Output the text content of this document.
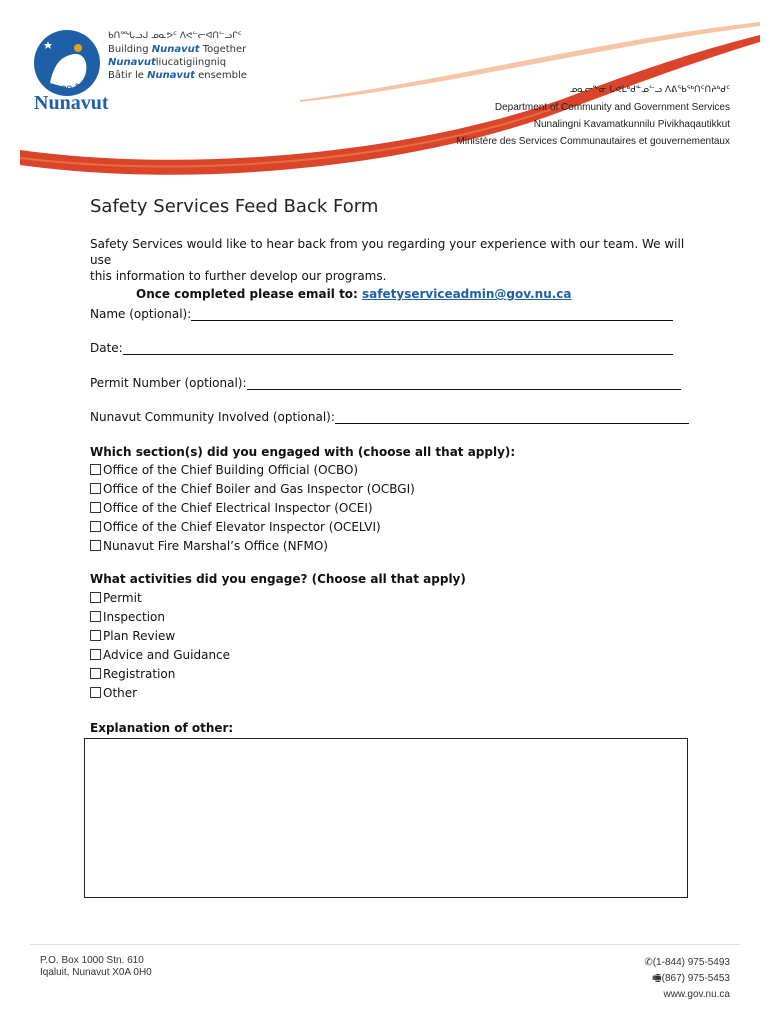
Nunavut
ᓄᓇᕗᑦ
ᑲᑎᙵᓗᒍ ᓄᓇᕗᑦ ᐱᕙᓪᓕᐊᑎᓪᓗᒋᑦ
Building Nunavut Together
Nunavutliucatigiingniq
Bâtir le Nunavut ensemble
ᓄᓇᓕᖕᓂ ᒐᕙᒪᒃᑯᓐᓄᓪᓗ ᐱᕕᖃᖅᑎᑦᑎᔨᒃᑯᑦ
Department of Community and Government Services
Nunalingni Kavamatkunnilu Pivikhaqautikkut
Ministère des Services Communautaires et gouvernementaux
Safety Services Feed Back Form
Safety Services would like to hear back from you regarding your experience with our team. We will use
this information to further develop our programs.
Once completed please email to: safetyserviceadmin@gov.nu.ca
Name (optional):
Date:
Permit Number (optional):
Nunavut Community Involved (optional):
Which section(s) did you engaged with (choose all that apply):
Office of the Chief Building Official (OCBO)
Office of the Chief Boiler and Gas Inspector (OCBGI)
Office of the Chief Electrical Inspector (OCEI)
Office of the Chief Elevator Inspector (OCELVI)
Nunavut Fire Marshal’s Office (NFMO)
What activities did you engage? (Choose all that apply)
Permit
Inspection
Plan Review
Advice and Guidance
Registration
Other
Explanation of other:
P.O. Box 1000 Stn. 610
Iqaluit, Nunavut X0A 0H0
✆(1-844) 975-5493
🖷(867) 975-5453
www.gov.nu.ca
